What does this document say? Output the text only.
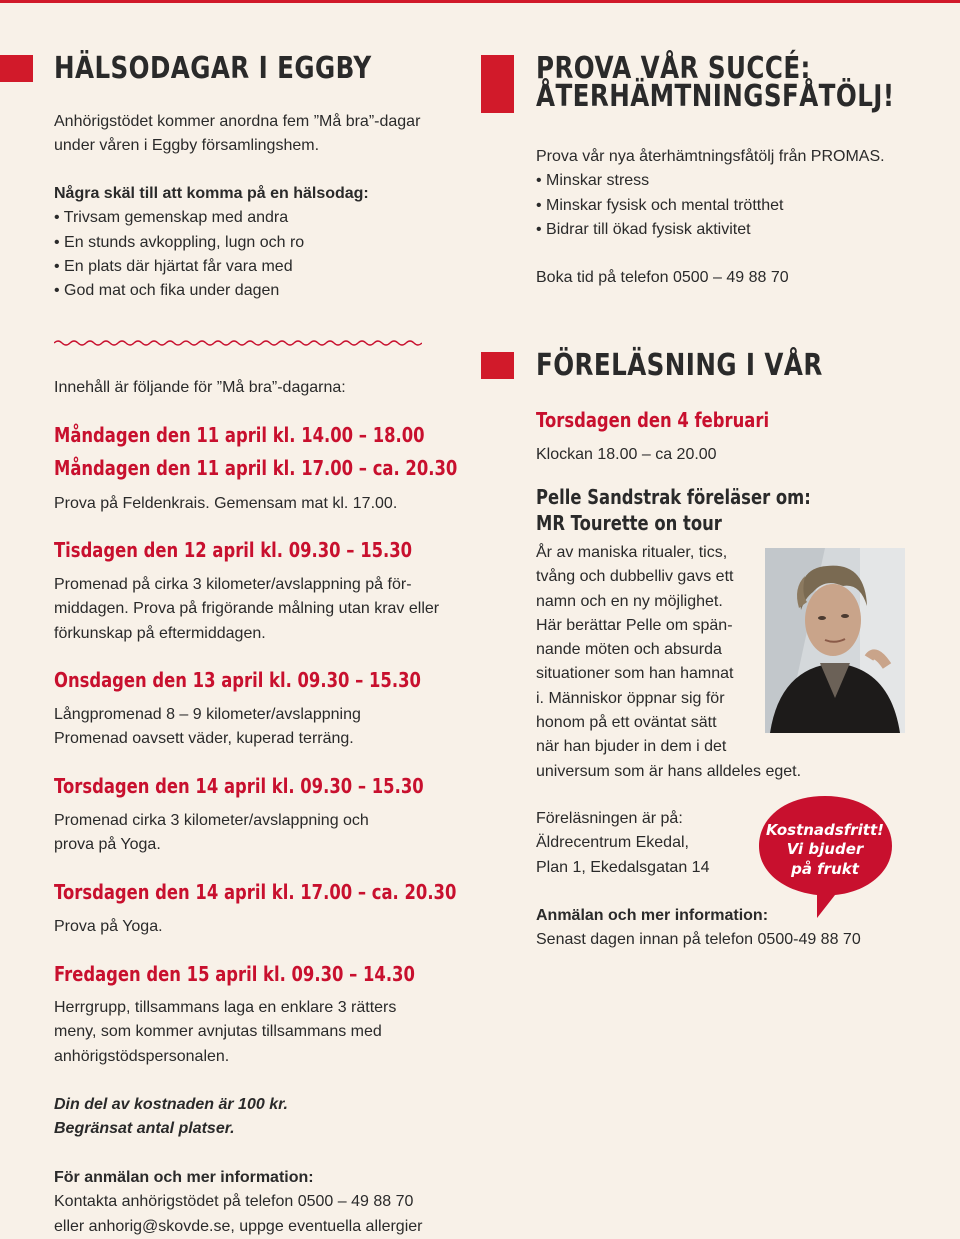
HÄLSODAGAR I EGGBY

Anhörigstödet kommer anordna fem ”Må bra”-dagar

under våren i Eggby församlingshem.

Några skäl till att komma på en hälsodag:

• Trivsam gemenskap med andra

• En stunds avkoppling, lugn och ro

• En plats där hjärtat får vara med

• God mat och fika under dagen

Innehåll är följande för ”Må bra”-dagarna:

Måndagen den 11 april kl. 14.00 – 18.00
Måndagen den 11 april kl. 17.00 – ca. 20.30

Prova på Feldenkrais. Gemensam mat kl. 17.00.

Tisdagen den 12 april kl. 09.30 – 15.30

Promenad på cirka 3 kilometer/avslappning på för-

middagen. Prova på frigörande målning utan krav eller

förkunskap på eftermiddagen.

Onsdagen den 13 april kl. 09.30 – 15.30

Långpromenad 8 – 9 kilometer/avslappning

Promenad oavsett väder, kuperad terräng.

Torsdagen den 14 april kl. 09.30 – 15.30

Promenad cirka 3 kilometer/avslappning och

prova på Yoga.

Torsdagen den 14 april kl. 17.00 – ca. 20.30

Prova på Yoga.

Fredagen den 15 april kl. 09.30 – 14.30

Herrgrupp, tillsammans laga en enklare 3 rätters

meny, som kommer avnjutas tillsammans med

anhörigstödspersonalen.

Din del av kostnaden är 100 kr.

Begränsat antal platser.

För anmälan och mer information:

Kontakta anhörigstödet på telefon 0500 – 49 88 70

eller anhorig@skovde.se, uppge eventuella allergier

PROVA VÅR SUCCÉ:
ÅTERHÄMTNINGSFÅTÖLJ!

Prova vår nya återhämtningsfåtölj från PROMAS.

• Minskar stress

• Minskar fysisk och mental trötthet

• Bidrar till ökad fysisk aktivitet

Boka tid på telefon 0500 – 49 88 70

FÖRELÄSNING I VÅR
Torsdagen den 4 februari

Klockan 18.00 – ca 20.00

Pelle Sandstrak föreläser om:
MR Tourette on tour

År av maniska ritualer, tics,

tvång och dubbelliv gavs ett

namn och en ny möjlighet.

Här berättar Pelle om spän-

nande möten och absurda

situationer som han hamnat

i. Människor öppnar sig för

honom på ett oväntat sätt

när han bjuder in dem i det

universum som är hans alldeles eget.

Föreläsningen är på:

Äldrecentrum Ekedal,

Plan 1, Ekedalsgatan 14

Kostnadsfritt!
Vi bjuder
på frukt

Anmälan och mer information:

Senast dagen innan på telefon 0500-49 88 70
